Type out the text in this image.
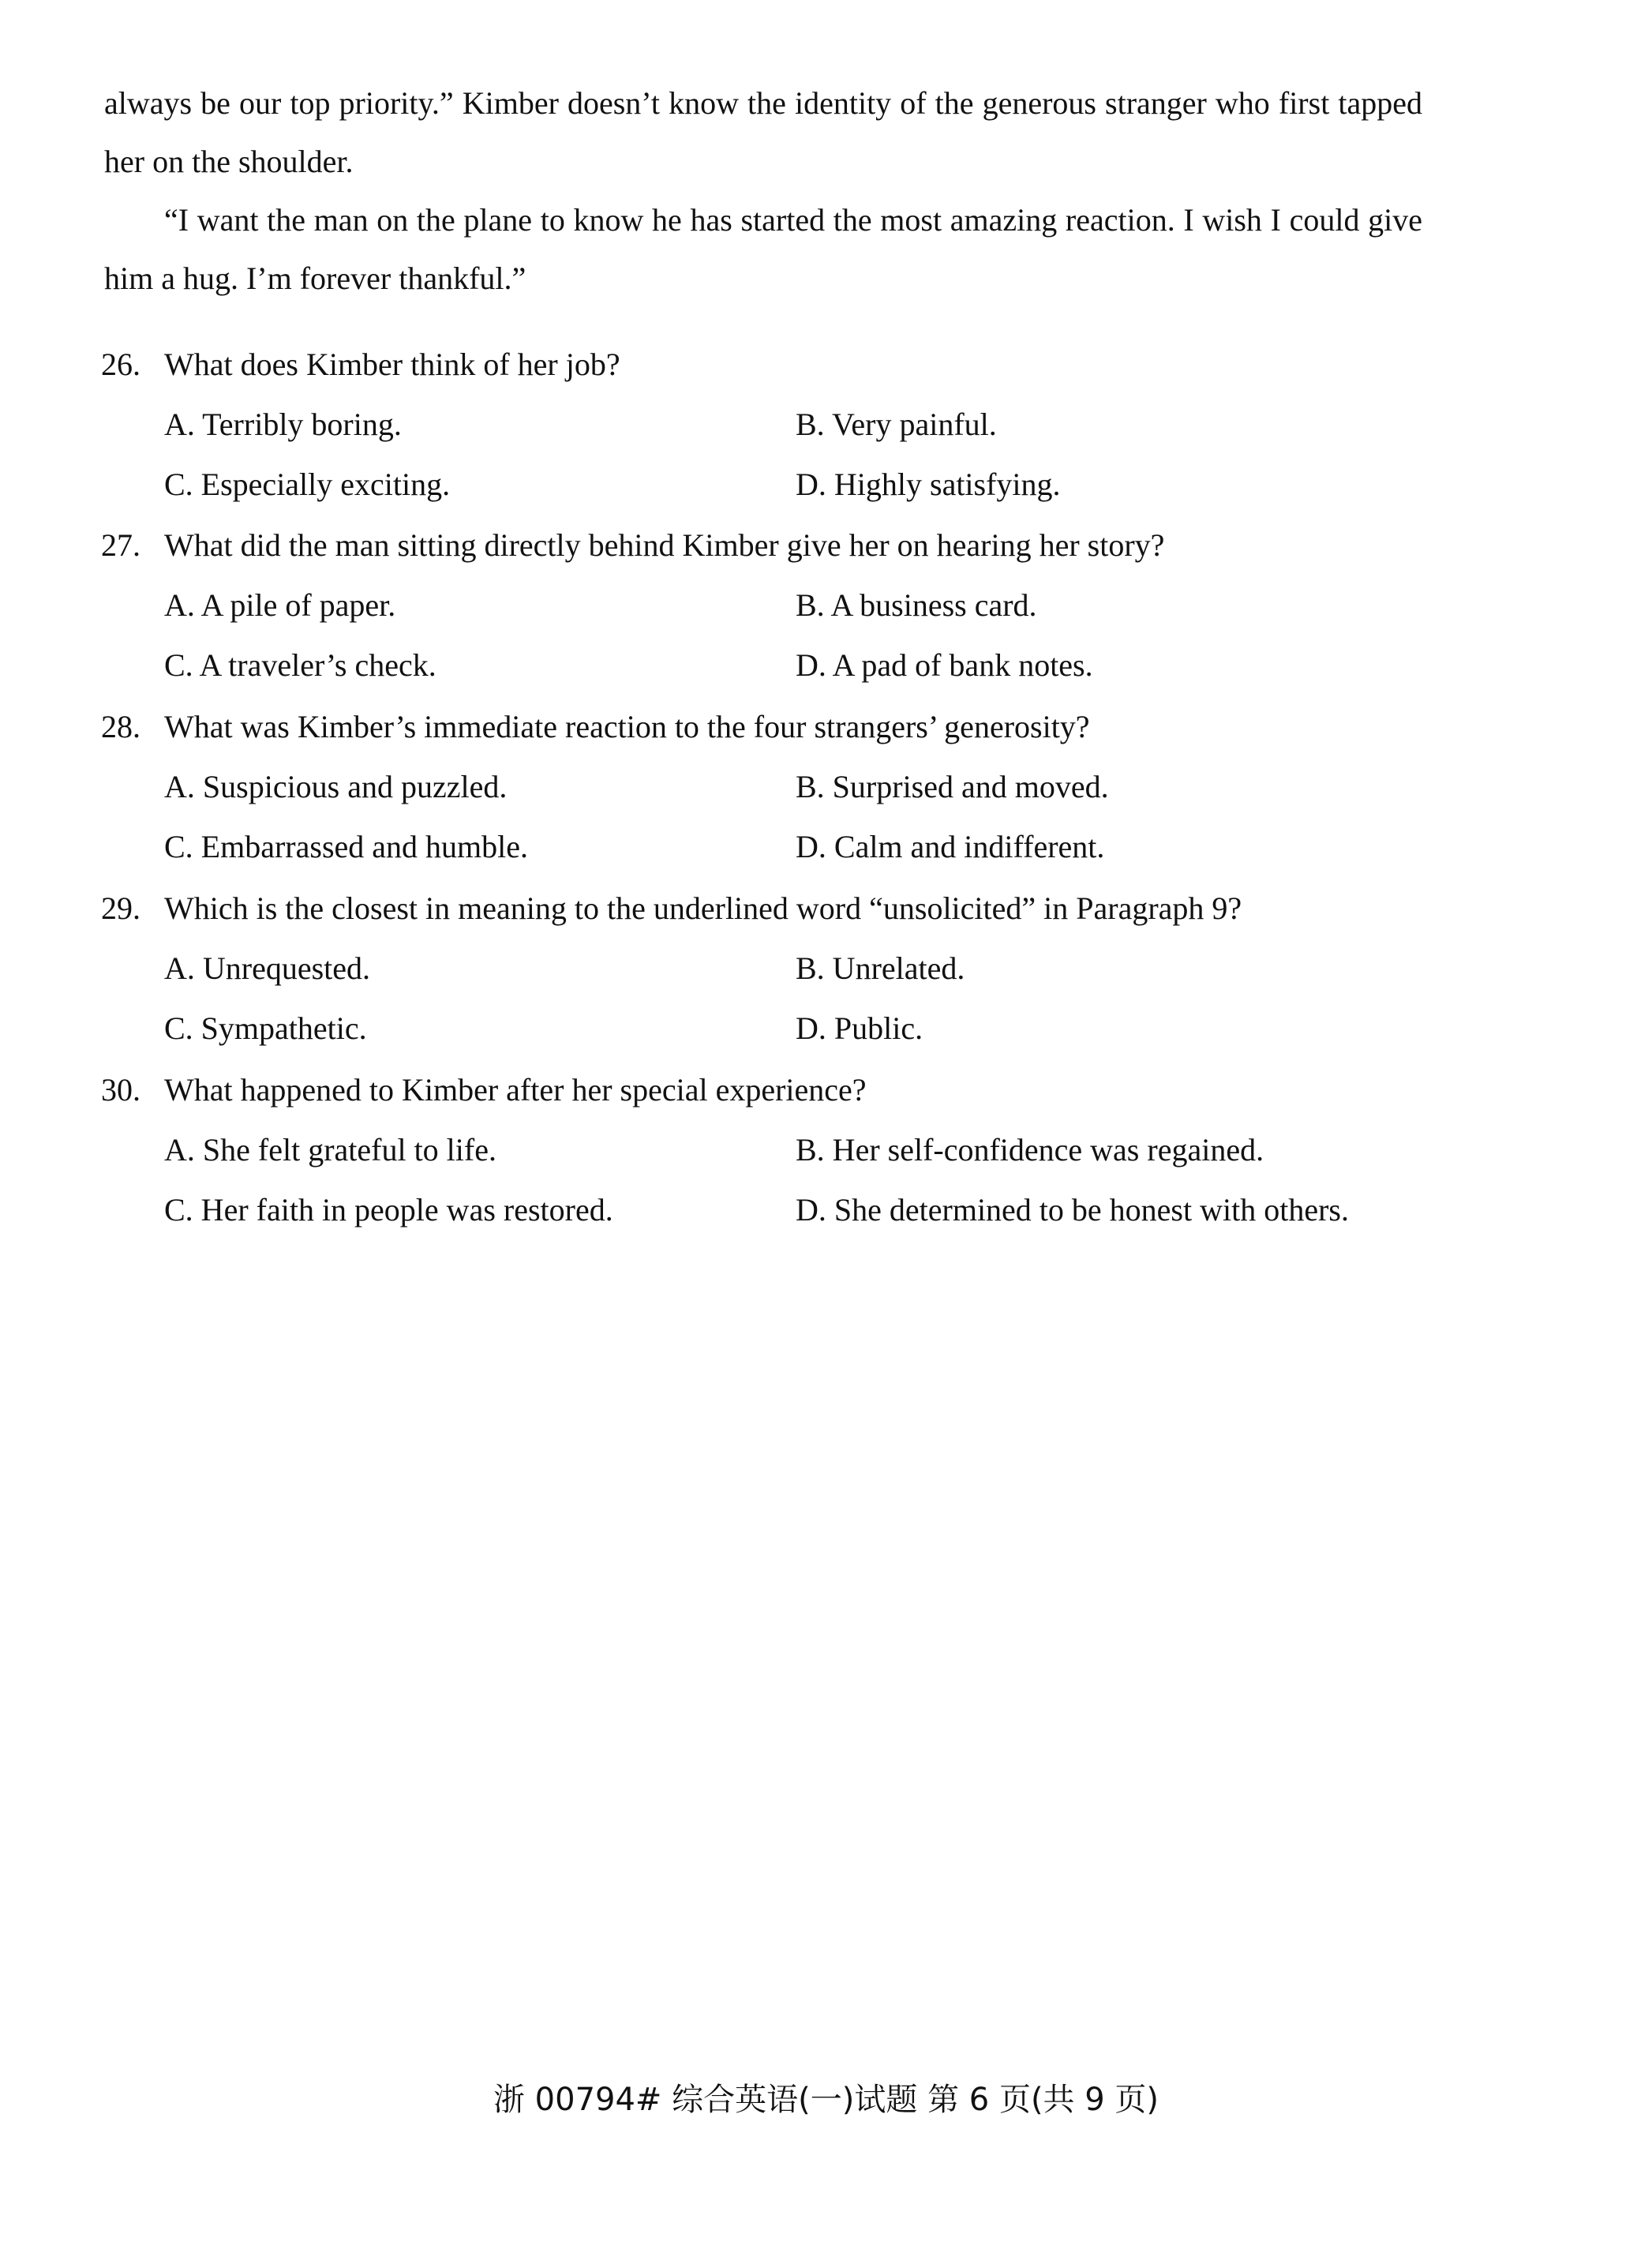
always be our top priority.” Kimber doesn’t know the identity of the generous stranger who first tapped her on the shoulder.

“I want the man on the plane to know he has started the most amazing reaction. I wish I could give him a hug. I’m forever thankful.”

26. What does Kimber think of her job?
A. Terribly boring.	B. Very painful.
C. Especially exciting.	D. Highly satisfying.
27. What did the man sitting directly behind Kimber give her on hearing her story?
A. A pile of paper.	B. A business card.
C. A traveler’s check.	D. A pad of bank notes.
28. What was Kimber’s immediate reaction to the four strangers’ generosity?
A. Suspicious and puzzled.	B. Surprised and moved.
C. Embarrassed and humble.	D. Calm and indifferent.
29. Which is the closest in meaning to the underlined word “unsolicited” in Paragraph 9?
A. Unrequested.	B. Unrelated.
C. Sympathetic.	D. Public.
30. What happened to Kimber after her special experience?
A. She felt grateful to life.	B. Her self-confidence was regained.
C. Her faith in people was restored.	D. She determined to be honest with others.
浙 00794# 综合英语(一)试题 第 6 页(共 9 页)
